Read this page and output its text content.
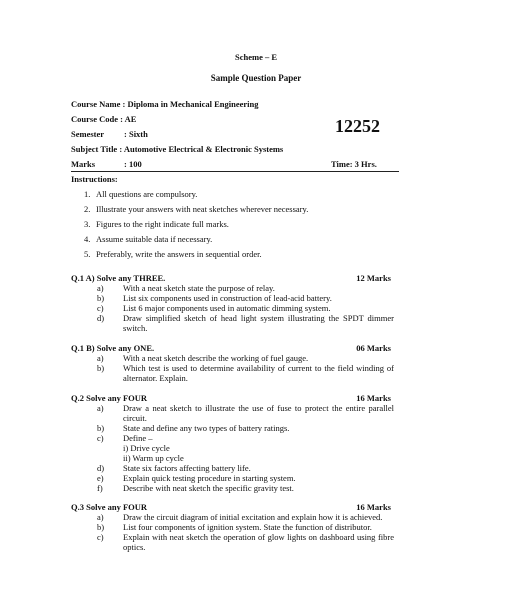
Scheme – E
Sample Question Paper
Course Name : Diploma in Mechanical Engineering
Course Code : AE
Semester : Sixth
Subject Title : Automotive Electrical & Electronic Systems
Marks	: 100	Time: 3 Hrs.
12252
Instructions:
1. All questions are compulsory.
2. Illustrate your answers with neat sketches wherever necessary.
3. Figures to the right indicate full marks.
4. Assume suitable data if necessary.
5. Preferably, write the answers in sequential order.
Q.1 A) Solve any THREE.	12 Marks
a) With a neat sketch state the purpose of relay.
b) List six components used in construction of lead-acid battery.
c) List 6 major components used in automatic dimming system.
d) Draw simplified sketch of head light system illustrating the SPDT dimmer switch.
Q.1 B) Solve any ONE.	06 Marks
a) With a neat sketch describe the working of fuel gauge.
b) Which test is used to determine availability of current to the field winding of alternator. Explain.
Q.2 Solve any FOUR	16 Marks
a) Draw a neat sketch to illustrate the use of fuse to protect the entire parallel circuit.
b) State and define any two types of battery ratings.
c) Define –
i) Drive cycle
ii) Warm up cycle
d) State six factors affecting battery life.
e) Explain quick testing procedure in starting system.
f) Describe with neat sketch the specific gravity test.
Q.3 Solve any FOUR	16 Marks
a) Draw the circuit diagram of initial excitation and explain how it is achieved.
b) List four components of ignition system. State the function of distributor.
c) Explain with neat sketch the operation of glow lights on dashboard using fibre optics.
